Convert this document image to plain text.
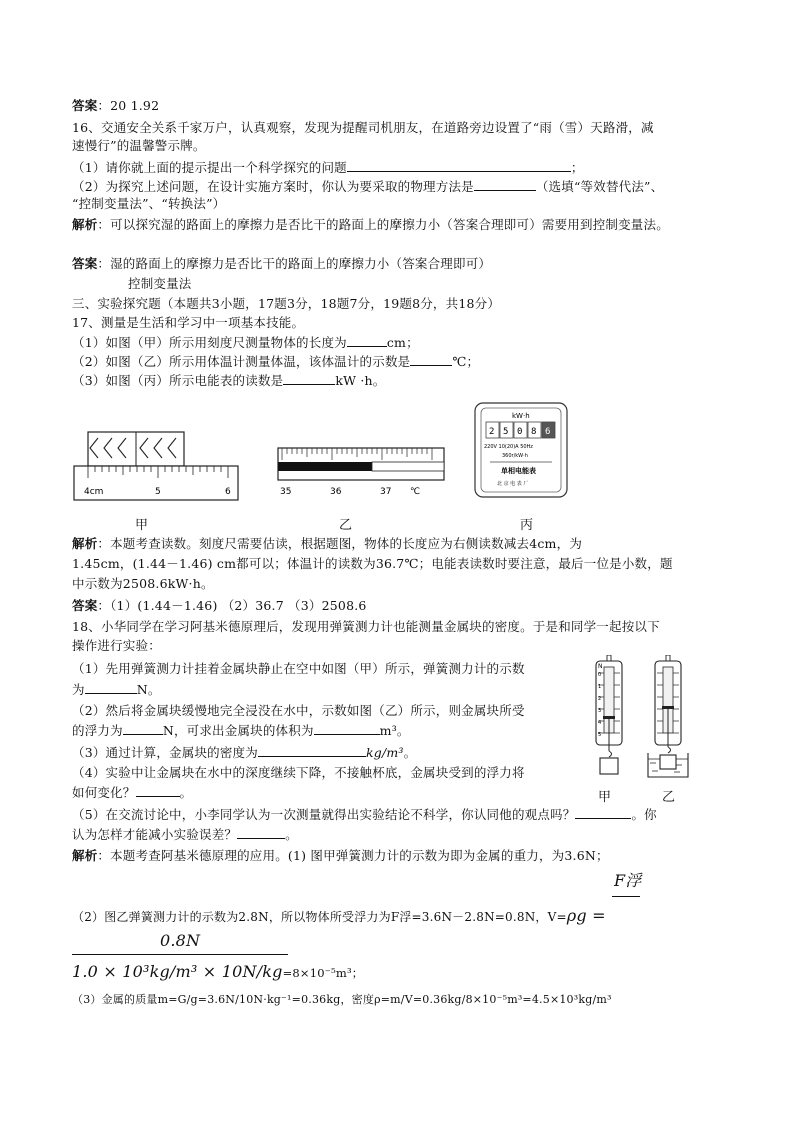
答案：20 1.92
16、交通安全关系千家万户，认真观察，发现为提醒司机朋友，在道路旁边设置了“雨（雪）天路滑，减
速慢行”的温馨警示牌。
（1）请你就上面的提示提出一个科学探究的问题	；
（2）为探究上述问题，在设计实施方案时，你认为要采取的物理方法是	（选填“等效替代法”、
“控制变量法”、“转换法”）
解析：可以探究湿的路面上的摩擦力是否比干的路面上的摩擦力小（答案合理即可）需要用到控制变量法。
答案：湿的路面上的摩擦力是否比干的路面上的摩擦力小（答案合理即可）
控制变量法
三、实验探究题（本题共3小题，17题3分，18题7分，19题8分，共18分）
17、测量是生活和学习中一项基本技能。
（1）如图（甲）所示用刻度尺测量物体的长度为	cm；
（2）如图（乙）所示用体温计测量体温，该体温计的示数是	℃；
（3）如图（丙）所示电能表的读数是	kW ·h。
4cm	5	6	35	36	37 ℃
kW·h
2 5 0 8 6
220V 10(20)A 50Hz
360r/kW·h
单相电能表
北 京 电 表 厂
甲	乙	丙
解析：本题考查读数。刻度尺需要估读，根据题图，物体的长度应为右侧读数减去4cm，为
1.45cm，(1.44－1.46) cm都可以；体温计的读数为36.7℃；电能表读数时要注意，最后一位是小数，题
中示数为2508.6kW·h。
答案：（1）(1.44－1.46) （2）36.7 （3）2508.6
18、小华同学在学习阿基米德原理后，发现用弹簧测力计也能测量金属块的密度。于是和同学一起按以下
操作进行实验：
（1）先用弹簧测力计挂着金属块静止在空中如图（甲）所示，弹簧测力计的示数
为	N。
（2）然后将金属块缓慢地完全浸没在水中，示数如图（乙）所示，则金属块所受
的浮力为	N，可求出金属块的体积为	m³。
（3）通过计算，金属块的密度为	kg/m³。
（4）实验中让金属块在水中的深度继续下降，不接触杯底，金属块受到的浮力将
如何变化？	。
N
0
1
2
3
4
5
甲	乙
（5）在交流讨论中，小李同学认为一次测量就得出实验结论不科学，你认同他的观点吗？	。你
认为怎样才能减小实验误差？	。
解析：本题考查阿基米德原理的应用。(1) 图甲弹簧测力计的示数为即为金属的重力，为3.6N；
F浮
（2）图乙弹簧测力计的示数为2.8N，所以物体所受浮力为F浮=3.6N－2.8N=0.8N，V=ρg =
0.8N
1.0 × 10³kg/m³ × 10N/kg=8×10⁻⁵m³；
（3）金属的质量m=G/g=3.6N/10N·kg⁻¹=0.36kg，密度ρ=m/V=0.36kg/8×10⁻⁵m³=4.5×10³kg/m³
